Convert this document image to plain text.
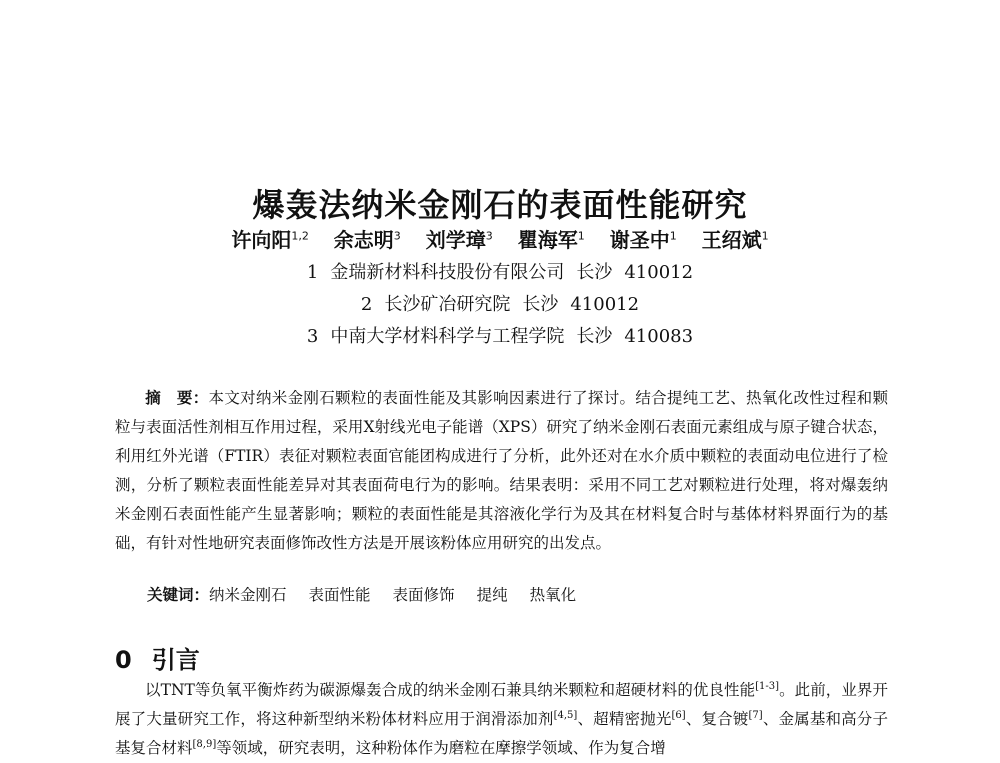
爆轰法纳米金刚石的表面性能研究
许向阳$^{1,2}$ 余志明$^3$ 刘学璋$^3$ 瞿海军$^1$ 谢圣中$^1$ 王绍斌$^1$
1 金瑞新材料科技股份有限公司 长沙 410012
2 长沙矿冶研究院 长沙 410012
3 中南大学材料科学与工程学院 长沙 410083
摘　要：本文对纳米金刚石颗粒的表面性能及其影响因素进行了探讨。结合提纯工艺、热氧化改性过程和颗粒与表面活性剂相互作用过程，采用X射线光电子能谱（XPS）研究了纳米金刚石表面元素组成与原子键合状态，利用红外光谱（FTIR）表征对颗粒表面官能团构成进行了分析，此外还对在水介质中颗粒的表面动电位进行了检测，分析了颗粒表面性能差异对其表面荷电行为的影响。结果表明：采用不同工艺对颗粒进行处理，将对爆轰纳米金刚石表面性能产生显著影响；颗粒的表面性能是其溶液化学行为及其在材料复合时与基体材料界面行为的基础，有针对性地研究表面修饰改性方法是开展该粉体应用研究的出发点。
关键词：纳米金刚石 表面性能 表面修饰 提纯 热氧化
0 引言
以TNT等负氧平衡炸药为碳源爆轰合成的纳米金刚石兼具纳米颗粒和超硬材料的优良性能[1-3]。此前，业界开展了大量研究工作，将这种新型纳米粉体材料应用于润滑添加剂[4,5]、超精密抛光[6]、复合镀[7]、金属基和高分子基复合材料[8,9]等领域，研究表明，这种粉体作为磨粒在摩擦学领域、作为复合增
